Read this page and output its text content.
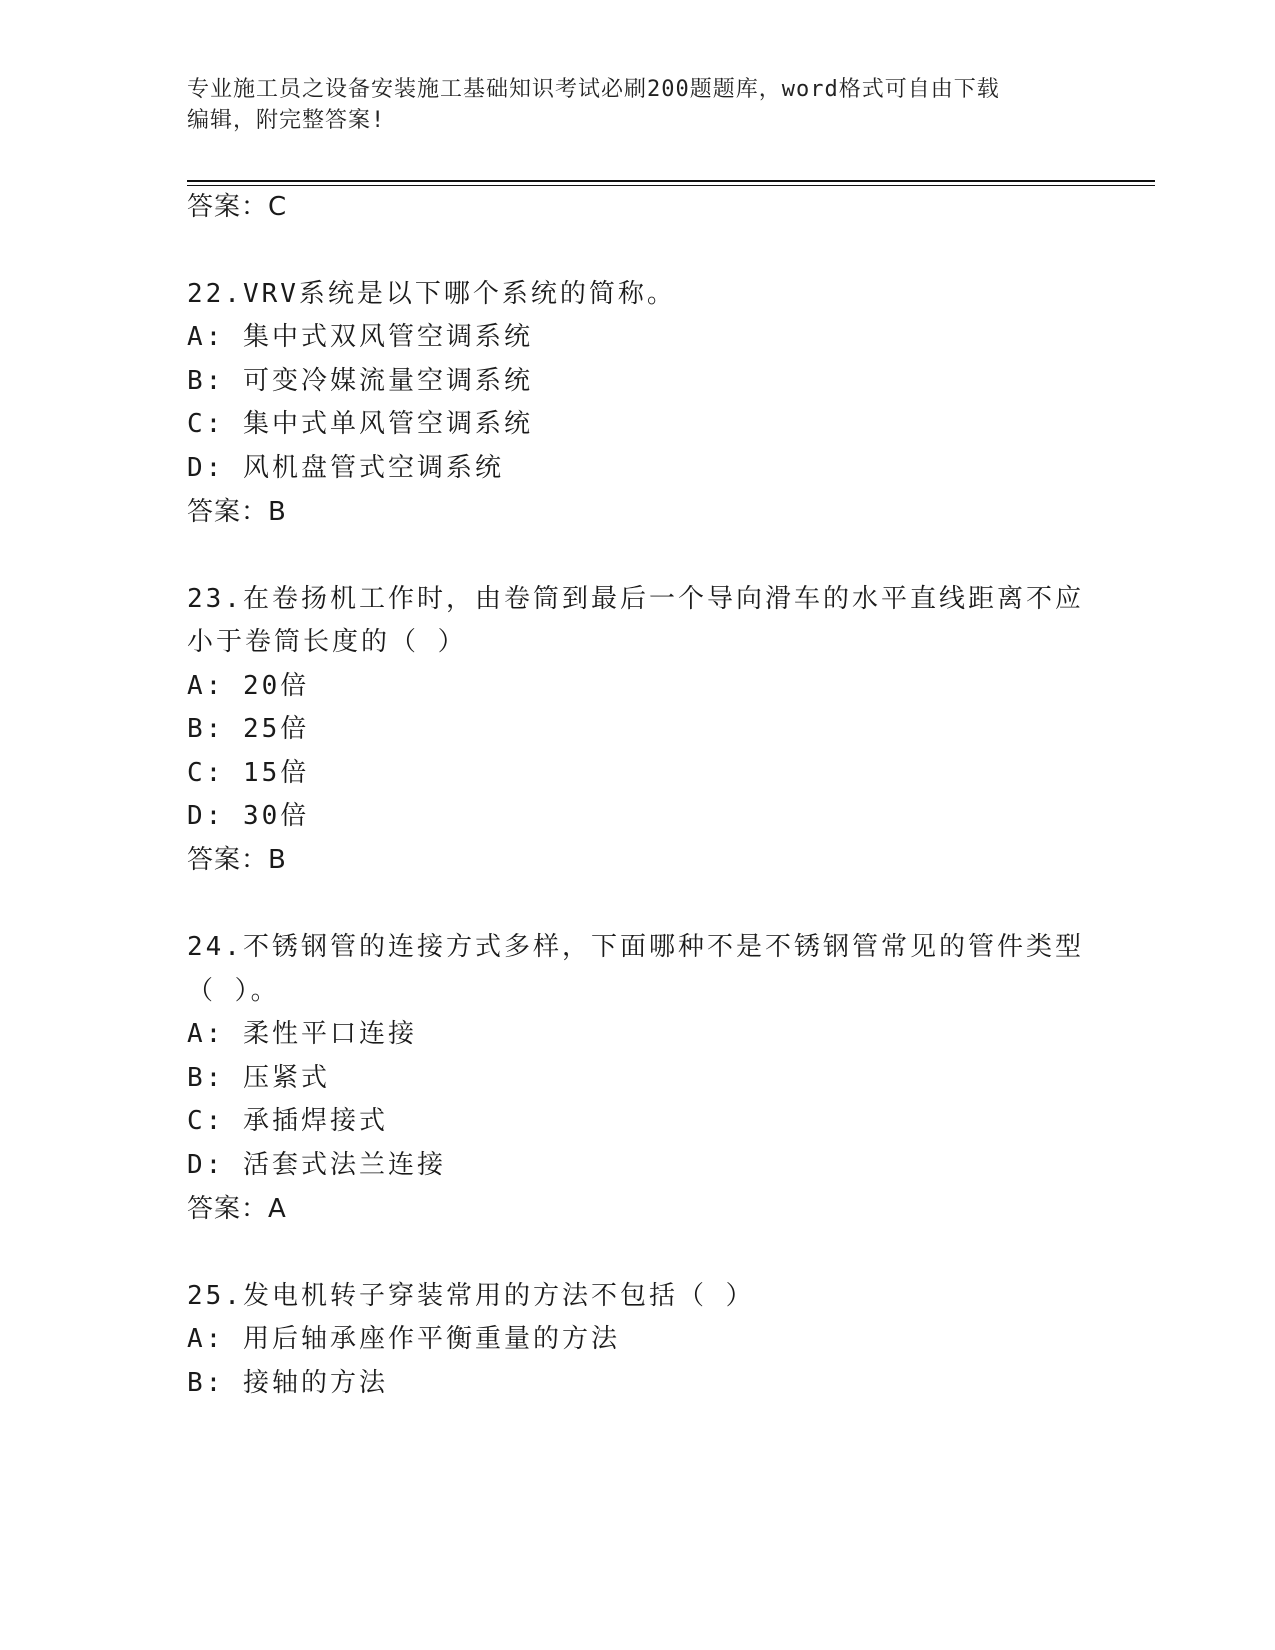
专业施工员之设备安装施工基础知识考试必刷200题题库，word格式可自由下载
编辑，附完整答案!
答案：C
22.VRV系统是以下哪个系统的简称。
A: 集中式双风管空调系统
B: 可变冷媒流量空调系统
C: 集中式单风管空调系统
D: 风机盘管式空调系统
答案：B
23.在卷扬机工作时，由卷筒到最后一个导向滑车的水平直线距离不应
小于卷筒长度的（ ）
A: 20倍
B: 25倍
C: 15倍
D: 30倍
答案：B
24.不锈钢管的连接方式多样，下面哪种不是不锈钢管常见的管件类型
（ ）。
A: 柔性平口连接
B: 压紧式
C: 承插焊接式
D: 活套式法兰连接
答案：A
25.发电机转子穿装常用的方法不包括（ ）
A: 用后轴承座作平衡重量的方法
B: 接轴的方法
